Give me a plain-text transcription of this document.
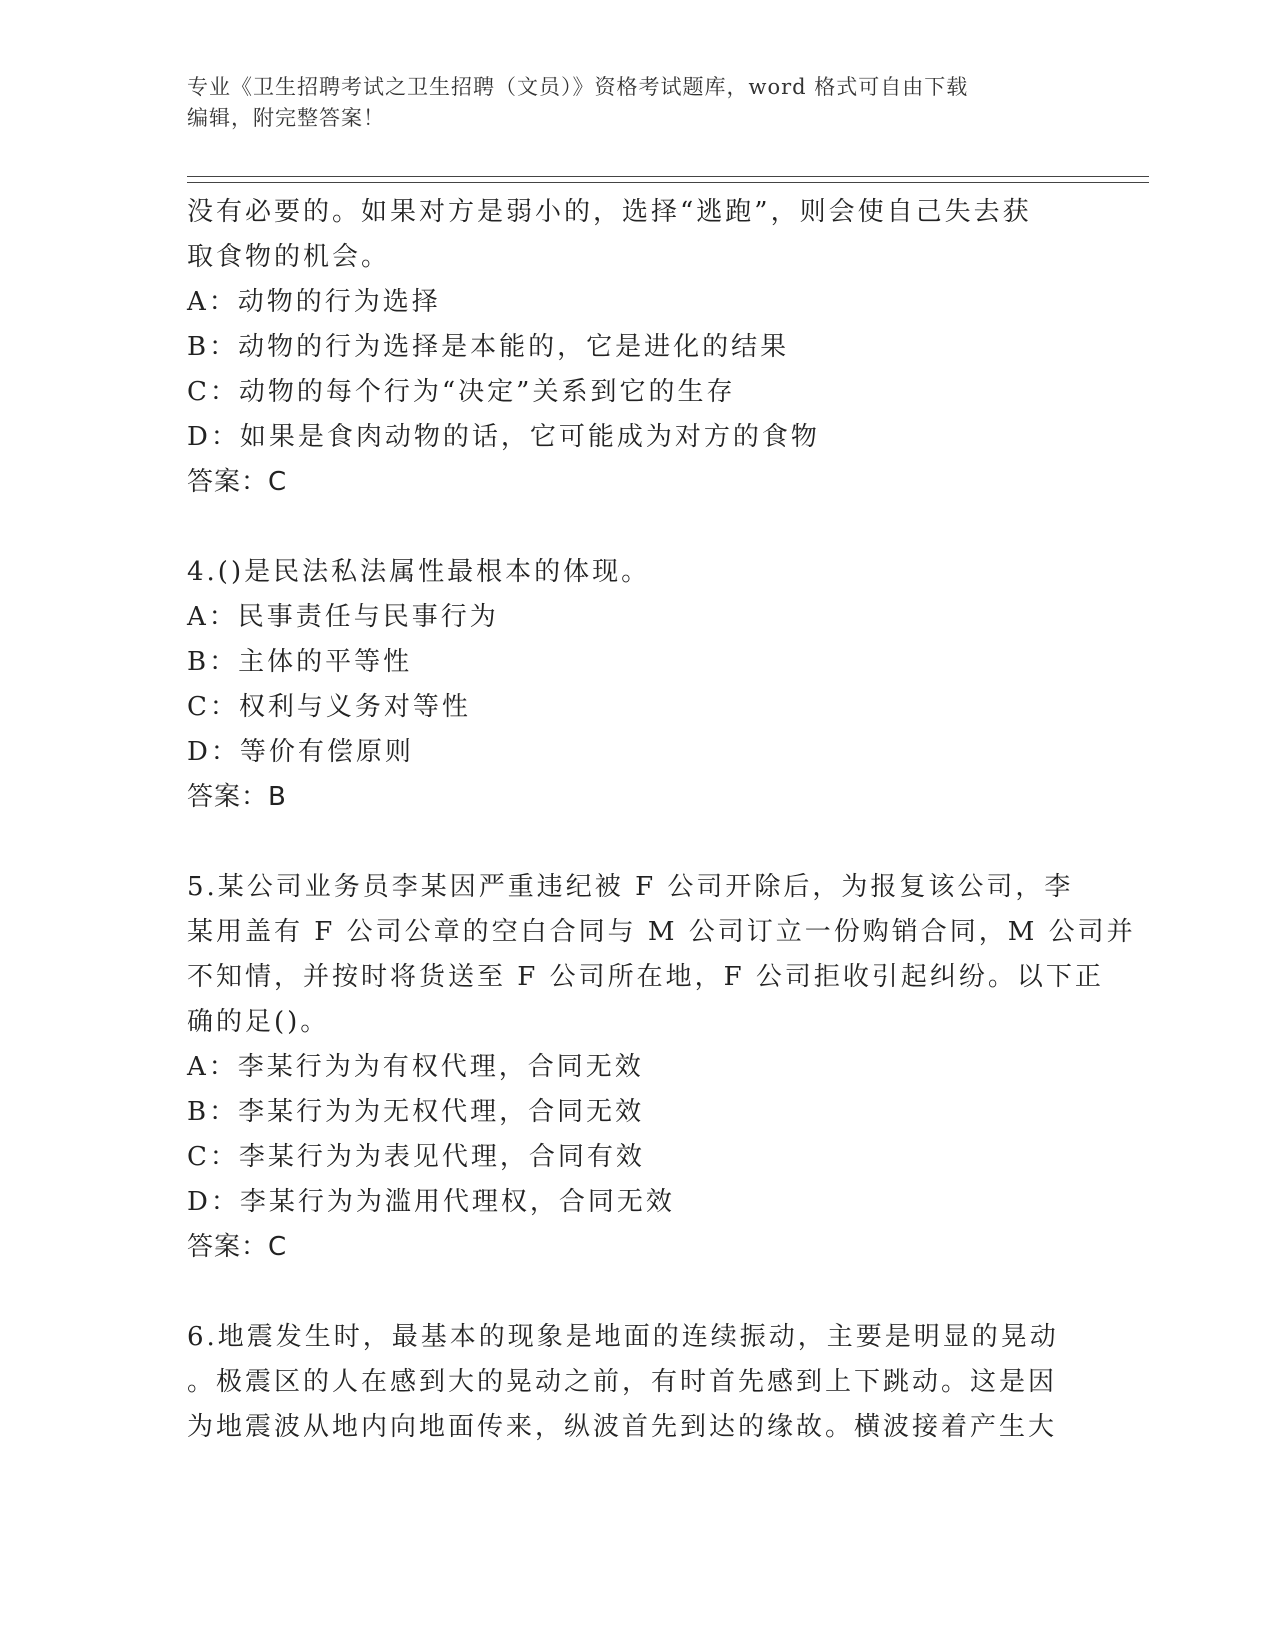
专业《卫生招聘考试之卫生招聘（文员）》资格考试题库，word 格式可自由下载
编辑，附完整答案！
没有必要的。如果对方是弱小的，选择“逃跑”，则会使自己失去获
取食物的机会。
A：动物的行为选择
B：动物的行为选择是本能的，它是进化的结果
C：动物的每个行为“决定”关系到它的生存
D：如果是食肉动物的话，它可能成为对方的食物
答案：C
4.()是民法私法属性最根本的体现。
A：民事责任与民事行为
B：主体的平等性
C：权利与义务对等性
D：等价有偿原则
答案：B
5.某公司业务员李某因严重违纪被 F 公司开除后，为报复该公司，李
某用盖有 F 公司公章的空白合同与 M 公司订立一份购销合同，M 公司并
不知情，并按时将货送至 F 公司所在地，F 公司拒收引起纠纷。以下正
确的足()。
A：李某行为为有权代理，合同无效
B：李某行为为无权代理，合同无效
C：李某行为为表见代理，合同有效
D：李某行为为滥用代理权，合同无效
答案：C
6.地震发生时，最基本的现象是地面的连续振动，主要是明显的晃动
。极震区的人在感到大的晃动之前，有时首先感到上下跳动。这是因
为地震波从地内向地面传来，纵波首先到达的缘故。横波接着产生大
